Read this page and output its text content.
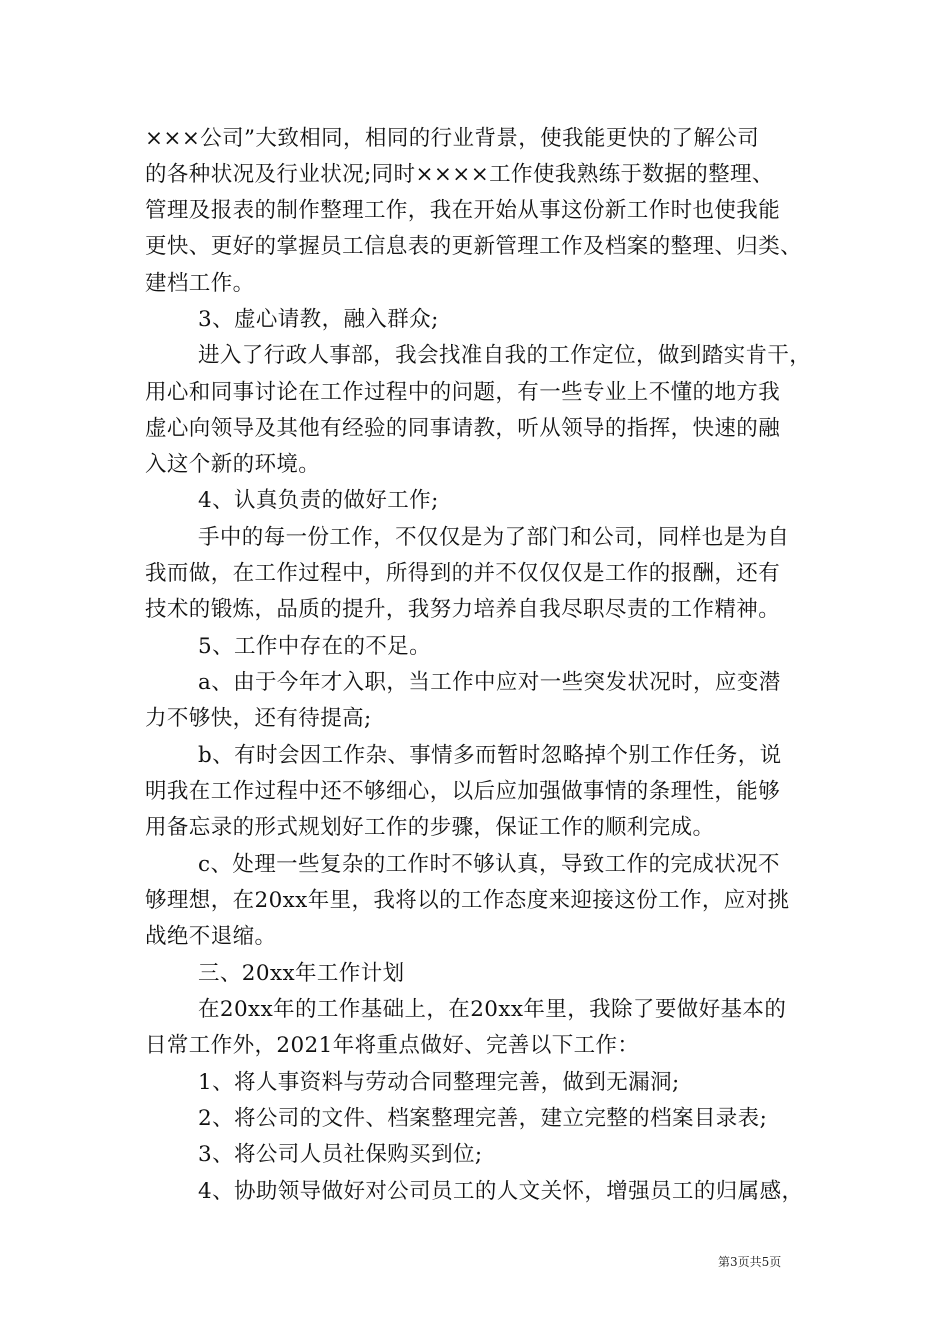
×××公司”大致相同，相同的行业背景，使我能更快的了解公司
的各种状况及行业状况;同时××××工作使我熟练于数据的整理、
管理及报表的制作整理工作，我在开始从事这份新工作时也使我能
更快、更好的掌握员工信息表的更新管理工作及档案的整理、归类、
建档工作。
3、虚心请教，融入群众;
进入了行政人事部，我会找准自我的工作定位，做到踏实肯干，
用心和同事讨论在工作过程中的问题，有一些专业上不懂的地方我
虚心向领导及其他有经验的同事请教，听从领导的指挥，快速的融
入这个新的环境。
4、认真负责的做好工作;
手中的每一份工作，不仅仅是为了部门和公司，同样也是为自
我而做，在工作过程中，所得到的并不仅仅仅是工作的报酬，还有
技术的锻炼，品质的提升，我努力培养自我尽职尽责的工作精神。
5、工作中存在的不足。
a、由于今年才入职，当工作中应对一些突发状况时，应变潜
力不够快，还有待提高;
b、有时会因工作杂、事情多而暂时忽略掉个别工作任务，说
明我在工作过程中还不够细心，以后应加强做事情的条理性，能够
用备忘录的形式规划好工作的步骤，保证工作的顺利完成。
c、处理一些复杂的工作时不够认真，导致工作的完成状况不
够理想，在20xx年里，我将以的工作态度来迎接这份工作，应对挑
战绝不退缩。
三、20xx年工作计划
在20xx年的工作基础上，在20xx年里，我除了要做好基本的
日常工作外，2021年将重点做好、完善以下工作：
1、将人事资料与劳动合同整理完善，做到无漏洞;
2、将公司的文件、档案整理完善，建立完整的档案目录表;
3、将公司人员社保购买到位;
4、协助领导做好对公司员工的人文关怀，增强员工的归属感，
第3页共5页
